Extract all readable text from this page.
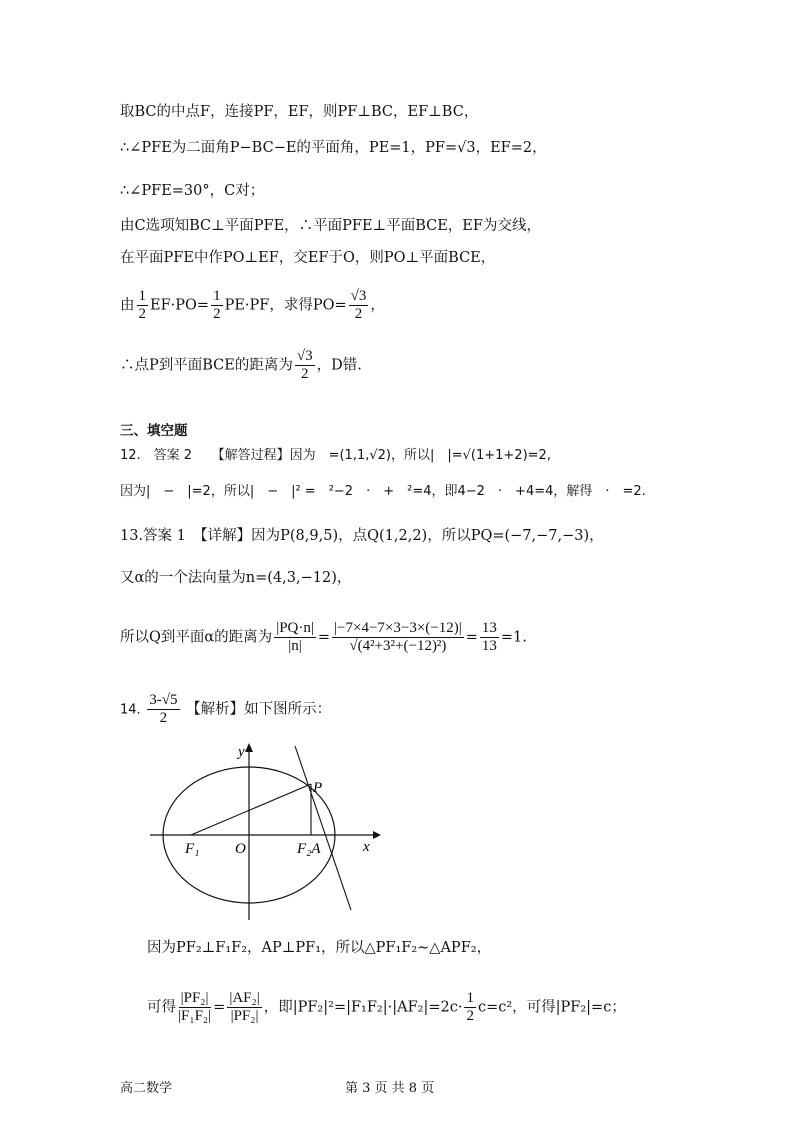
取BC的中点F，连接PF，EF，则PF⊥BC，EF⊥BC，
∴∠PFE为二面角P−BC−E的平面角，PE=1，PF=√3，EF=2，
∴∠PFE=30°，C对；
由C选项知BC⊥平面PFE，∴平面PFE⊥平面BCE，EF为交线，
在平面PFE中作PO⊥EF，交EF于O，则PO⊥平面BCE，
由 $\frac{1}{2} EF\cdot PO= \frac{1}{2} PE\cdot PF$，求得$PO= \frac{√3}{2}$ ，
∴点P到平面BCE的距离为 $\frac{√3}{2}$ ，D错.
三、填空题
12.　答案 2　　【解答过程】因为　=(1,1,√2)，所以|　|=√(1+1+2)=2,
因为|　−　|=2，所以|　−　|² =　²−2　·　+　²=4，即4−2　·　+4=4，解得　·　=2.
13.答案 1　【详解】因为P(8,9,5)，点Q(1,2,2)，所以PQ=(−7,−7,−3)，
又α的一个法向量为n=(4,3,−12)，
所以Q到平面α的距离为 $\frac{|PQ\cdot n|}{|n|} = \frac{|-7\times 4-7\times 3-3\times(-12)|}{\text{√(4²+3²+(−12)²)}} = \frac{13}{13} =1$.
14. $\frac{3-√5}{2}$ 【解析】如下图所示：
y
x
P
F₁ O	F₂A
因为PF₂⊥F₁F₂，AP⊥PF₁，所以△PF₁F₂∼△APF₂，
可得 $\frac{\text{|PF₂|}}{\text{|F₁F₂|}} = \frac{\text{|AF₂|}}{\text{|PF₂|}}$ ，即$|PF_2|^2=|F_1F_2|\cdot|AF_2|=2c\cdot \frac{1}{2} c=c^2$，可得|PF₂|=c；
高二数学	第 3 页 共 8 页
